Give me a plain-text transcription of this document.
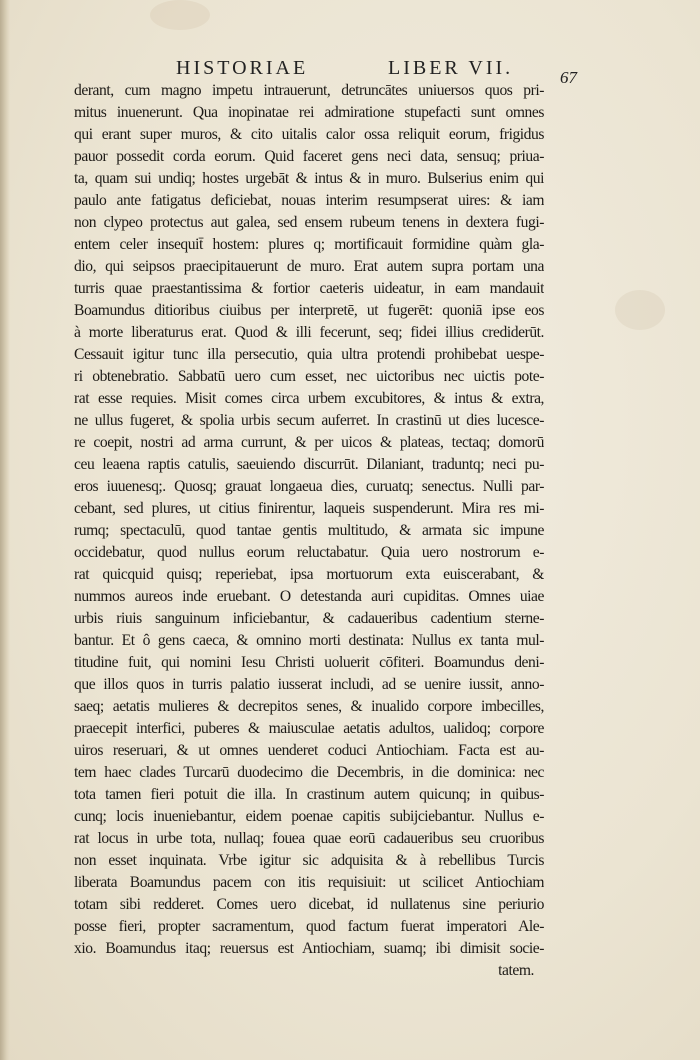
HISTORIAE	LIBER VII.	67
derant, cum magno impetu intrauerunt, detruncātes uniuersos quos pri-
mitus inuenerunt. Qua inopinatae rei admiratione stupefacti sunt omnes
qui erant super muros, & cito uitalis calor ossa reliquit eorum, frigidus
pauor possedit corda eorum. Quid faceret gens neci data, sensuq; priua-
ta, quam sui undiq; hostes urgebāt & intus & in muro. Bulserius enim qui
paulo ante fatigatus deficiebat, nouas interim resumpserat uires: & iam
non clypeo protectus aut galea, sed ensem rubeum tenens in dextera fugi-
entem celer insequit̄ hostem: plures q; mortificauit formidine quàm gla-
dio, qui seipsos praecipitauerunt de muro. Erat autem supra portam una
turris quae praestantissima & fortior caeteris uideatur, in eam mandauit
Boamundus ditioribus ciuibus per interpretē, ut fugerēt: quoniā ipse eos
à morte liberaturus erat. Quod & illi fecerunt, seq; fidei illius crediderūt.
Cessauit igitur tunc illa persecutio, quia ultra protendi prohibebat uespe-
ri obtenebratio. Sabbatū uero cum esset, nec uictoribus nec uictis pote-
rat esse requies. Misit comes circa urbem excubitores, & intus & extra,
ne ullus fugeret, & spolia urbis secum auferret. In crastinū ut dies lucesce-
re coepit, nostri ad arma currunt, & per uicos & plateas, tectaq; domorū
ceu leaena raptis catulis, saeuiendo discurrūt. Dilaniant, traduntq; neci pu-
eros iuuenesq;. Quosq; grauat longaeua dies, curuatq; senectus. Nulli par-
cebant, sed plures, ut citius finirentur, laqueis suspenderunt. Mira res mi-
rumq; spectaculū, quod tantae gentis multitudo, & armata sic impune
occidebatur, quod nullus eorum reluctabatur. Quia uero nostrorum e-
rat quicquid quisq; reperiebat, ipsa mortuorum exta euiscerabant, &
nummos aureos inde eruebant. O detestanda auri cupiditas. Omnes uiae
urbis riuis sanguinum inficiebantur, & cadaueribus cadentium sterne-
bantur. Et ô gens caeca, & omnino morti destinata: Nullus ex tanta mul-
titudine fuit, qui nomini Iesu Christi uoluerit cōfiteri. Boamundus deni-
que illos quos in turris palatio iusserat includi, ad se uenire iussit, anno-
saeq; aetatis mulieres & decrepitos senes, & inualido corpore imbecilles,
praecepit interfici, puberes & maiusculae aetatis adultos, ualidoq; corpore
uiros reseruari, & ut omnes uenderet coduci Antiochiam. Facta est au-
tem haec clades Turcarū duodecimo die Decembris, in die dominica: nec
tota tamen fieri potuit die illa. In crastinum autem quicunq; in quibus-
cunq; locis inueniebantur, eidem poenae capitis subijciebantur. Nullus e-
rat locus in urbe tota, nullaq; fouea quae eorū cadaueribus seu cruoribus
non esset inquinata. Vrbe igitur sic adquisita & à rebellibus Turcis
liberata Boamundus pacem con itis requisiuit: ut scilicet Antiochiam
totam sibi redderet. Comes uero dicebat, id nullatenus sine periurio
posse fieri, propter sacramentum, quod factum fuerat imperatori Ale-
xio. Boamundus itaq; reuersus est Antiochiam, suamq; ibi dimisit socie-
tatem.
